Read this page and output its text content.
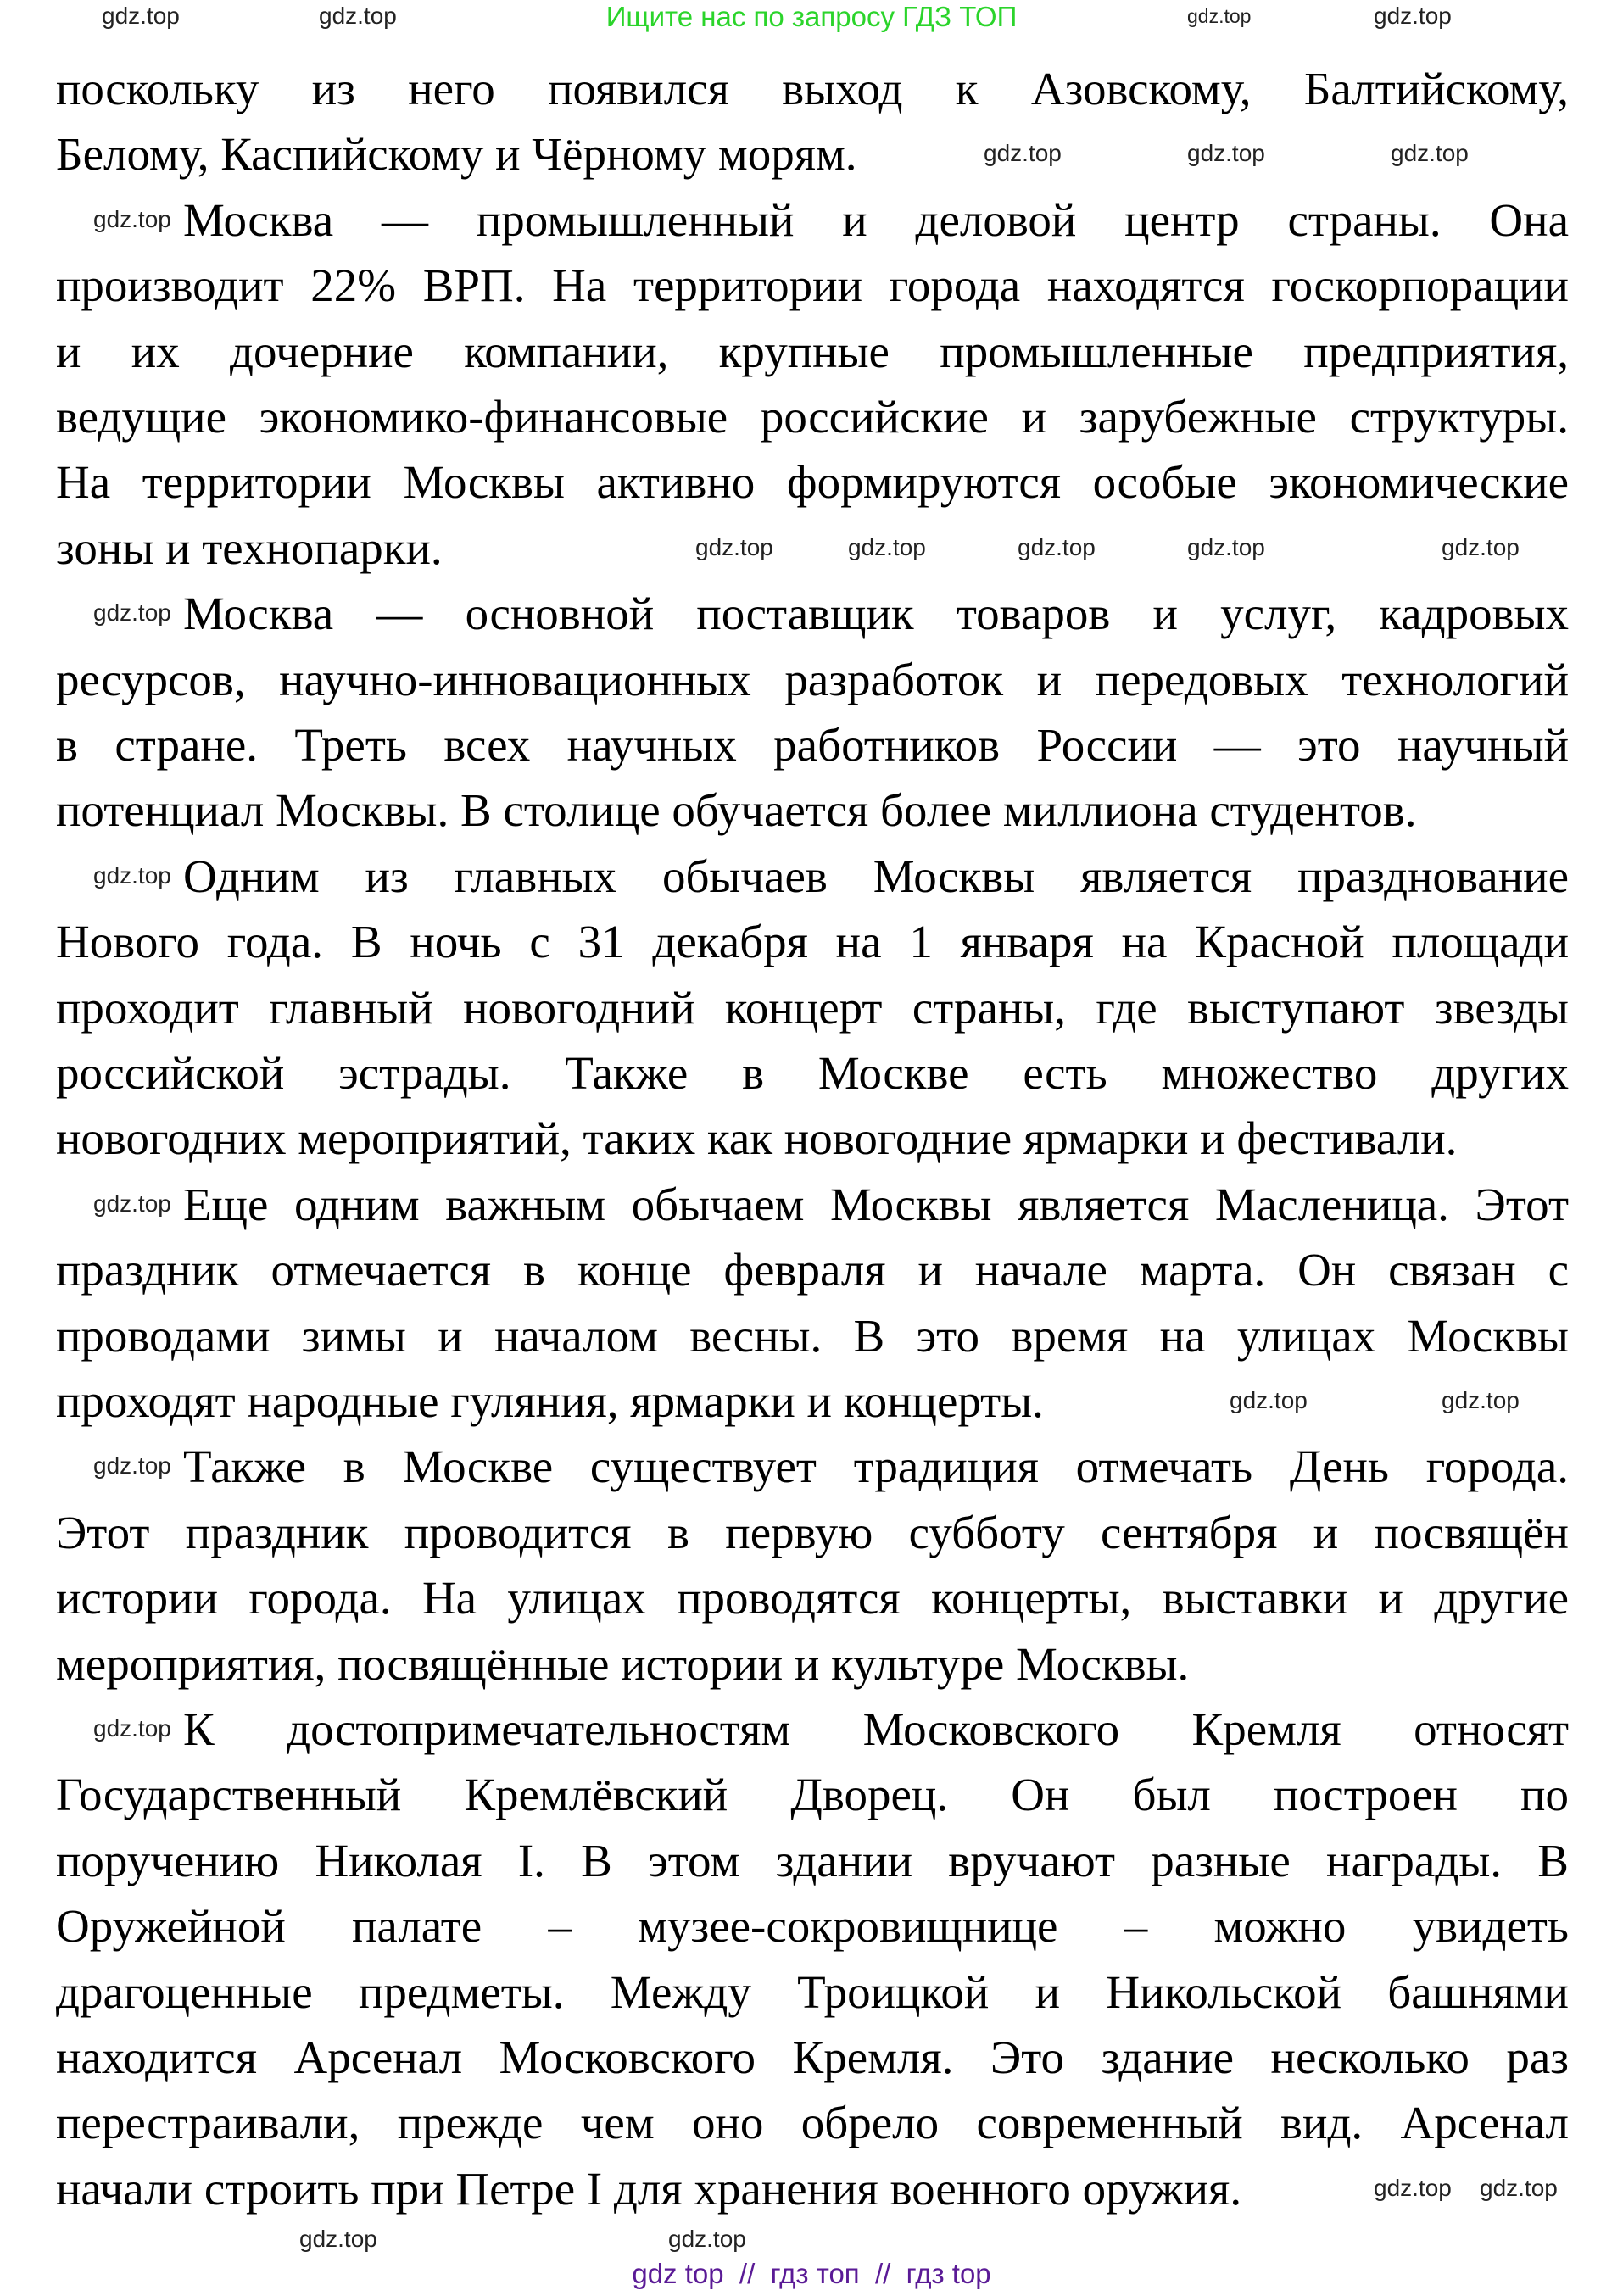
Ищите нас по запросу ГДЗ ТОП
поскольку из него появился выход к Азовскому, Балтийскому,
Белому, Каспийскому и Чёрному морям.
Москва — промышленный и деловой центр страны. Она
производит 22% ВРП. На территории города находятся госкорпорации
и их дочерние компании, крупные промышленные предприятия,
ведущие экономико-финансовые российские и зарубежные структуры.
На территории Москвы активно формируются особые экономические
зоны и технопарки.
Москва — основной поставщик товаров и услуг, кадровых
ресурсов, научно-инновационных разработок и передовых технологий
в стране. Треть всех научных работников России — это научный
потенциал Москвы. В столице обучается более миллиона студентов.
Одним из главных обычаев Москвы является празднование
Нового года. В ночь с 31 декабря на 1 января на Красной площади
проходит главный новогодний концерт страны, где выступают звезды
российской эстрады. Также в Москве есть множество других
новогодних мероприятий, таких как новогодние ярмарки и фестивали.
Еще одним важным обычаем Москвы является Масленица. Этот
праздник отмечается в конце февраля и начале марта. Он связан с
проводами зимы и началом весны. В это время на улицах Москвы
проходят народные гуляния, ярмарки и концерты.
Также в Москве существует традиция отмечать День города.
Этот праздник проводится в первую субботу сентября и посвящён
истории города. На улицах проводятся концерты, выставки и другие
мероприятия, посвящённые истории и культуре Москвы.
К достопримечательностям Московского Кремля относят
Государственный Кремлёвский Дворец. Он был построен по
поручению Николая I. В этом здании вручают разные награды. В
Оружейной палате – музее-сокровищнице – можно увидеть
драгоценные предметы. Между Троицкой и Никольской башнями
находится Арсенал Московского Кремля. Это здание несколько раз
перестраивали, прежде чем оно обрело современный вид. Арсенал
начали строить при Петре I для хранения военного оружия.
gdz.top	gdz.top	gdz.top	gdz.top
gdz.top	gdz.top	gdz.top
gdz.top
gdz.top	gdz.top	gdz.top	gdz.top	gdz.top
gdz.top
gdz.top
gdz.top
gdz.top	gdz.top
gdz.top
gdz.top
gdz.top gdz.top
gdz.top	gdz.top
gdz top  //  гдз топ  //  гдз top
